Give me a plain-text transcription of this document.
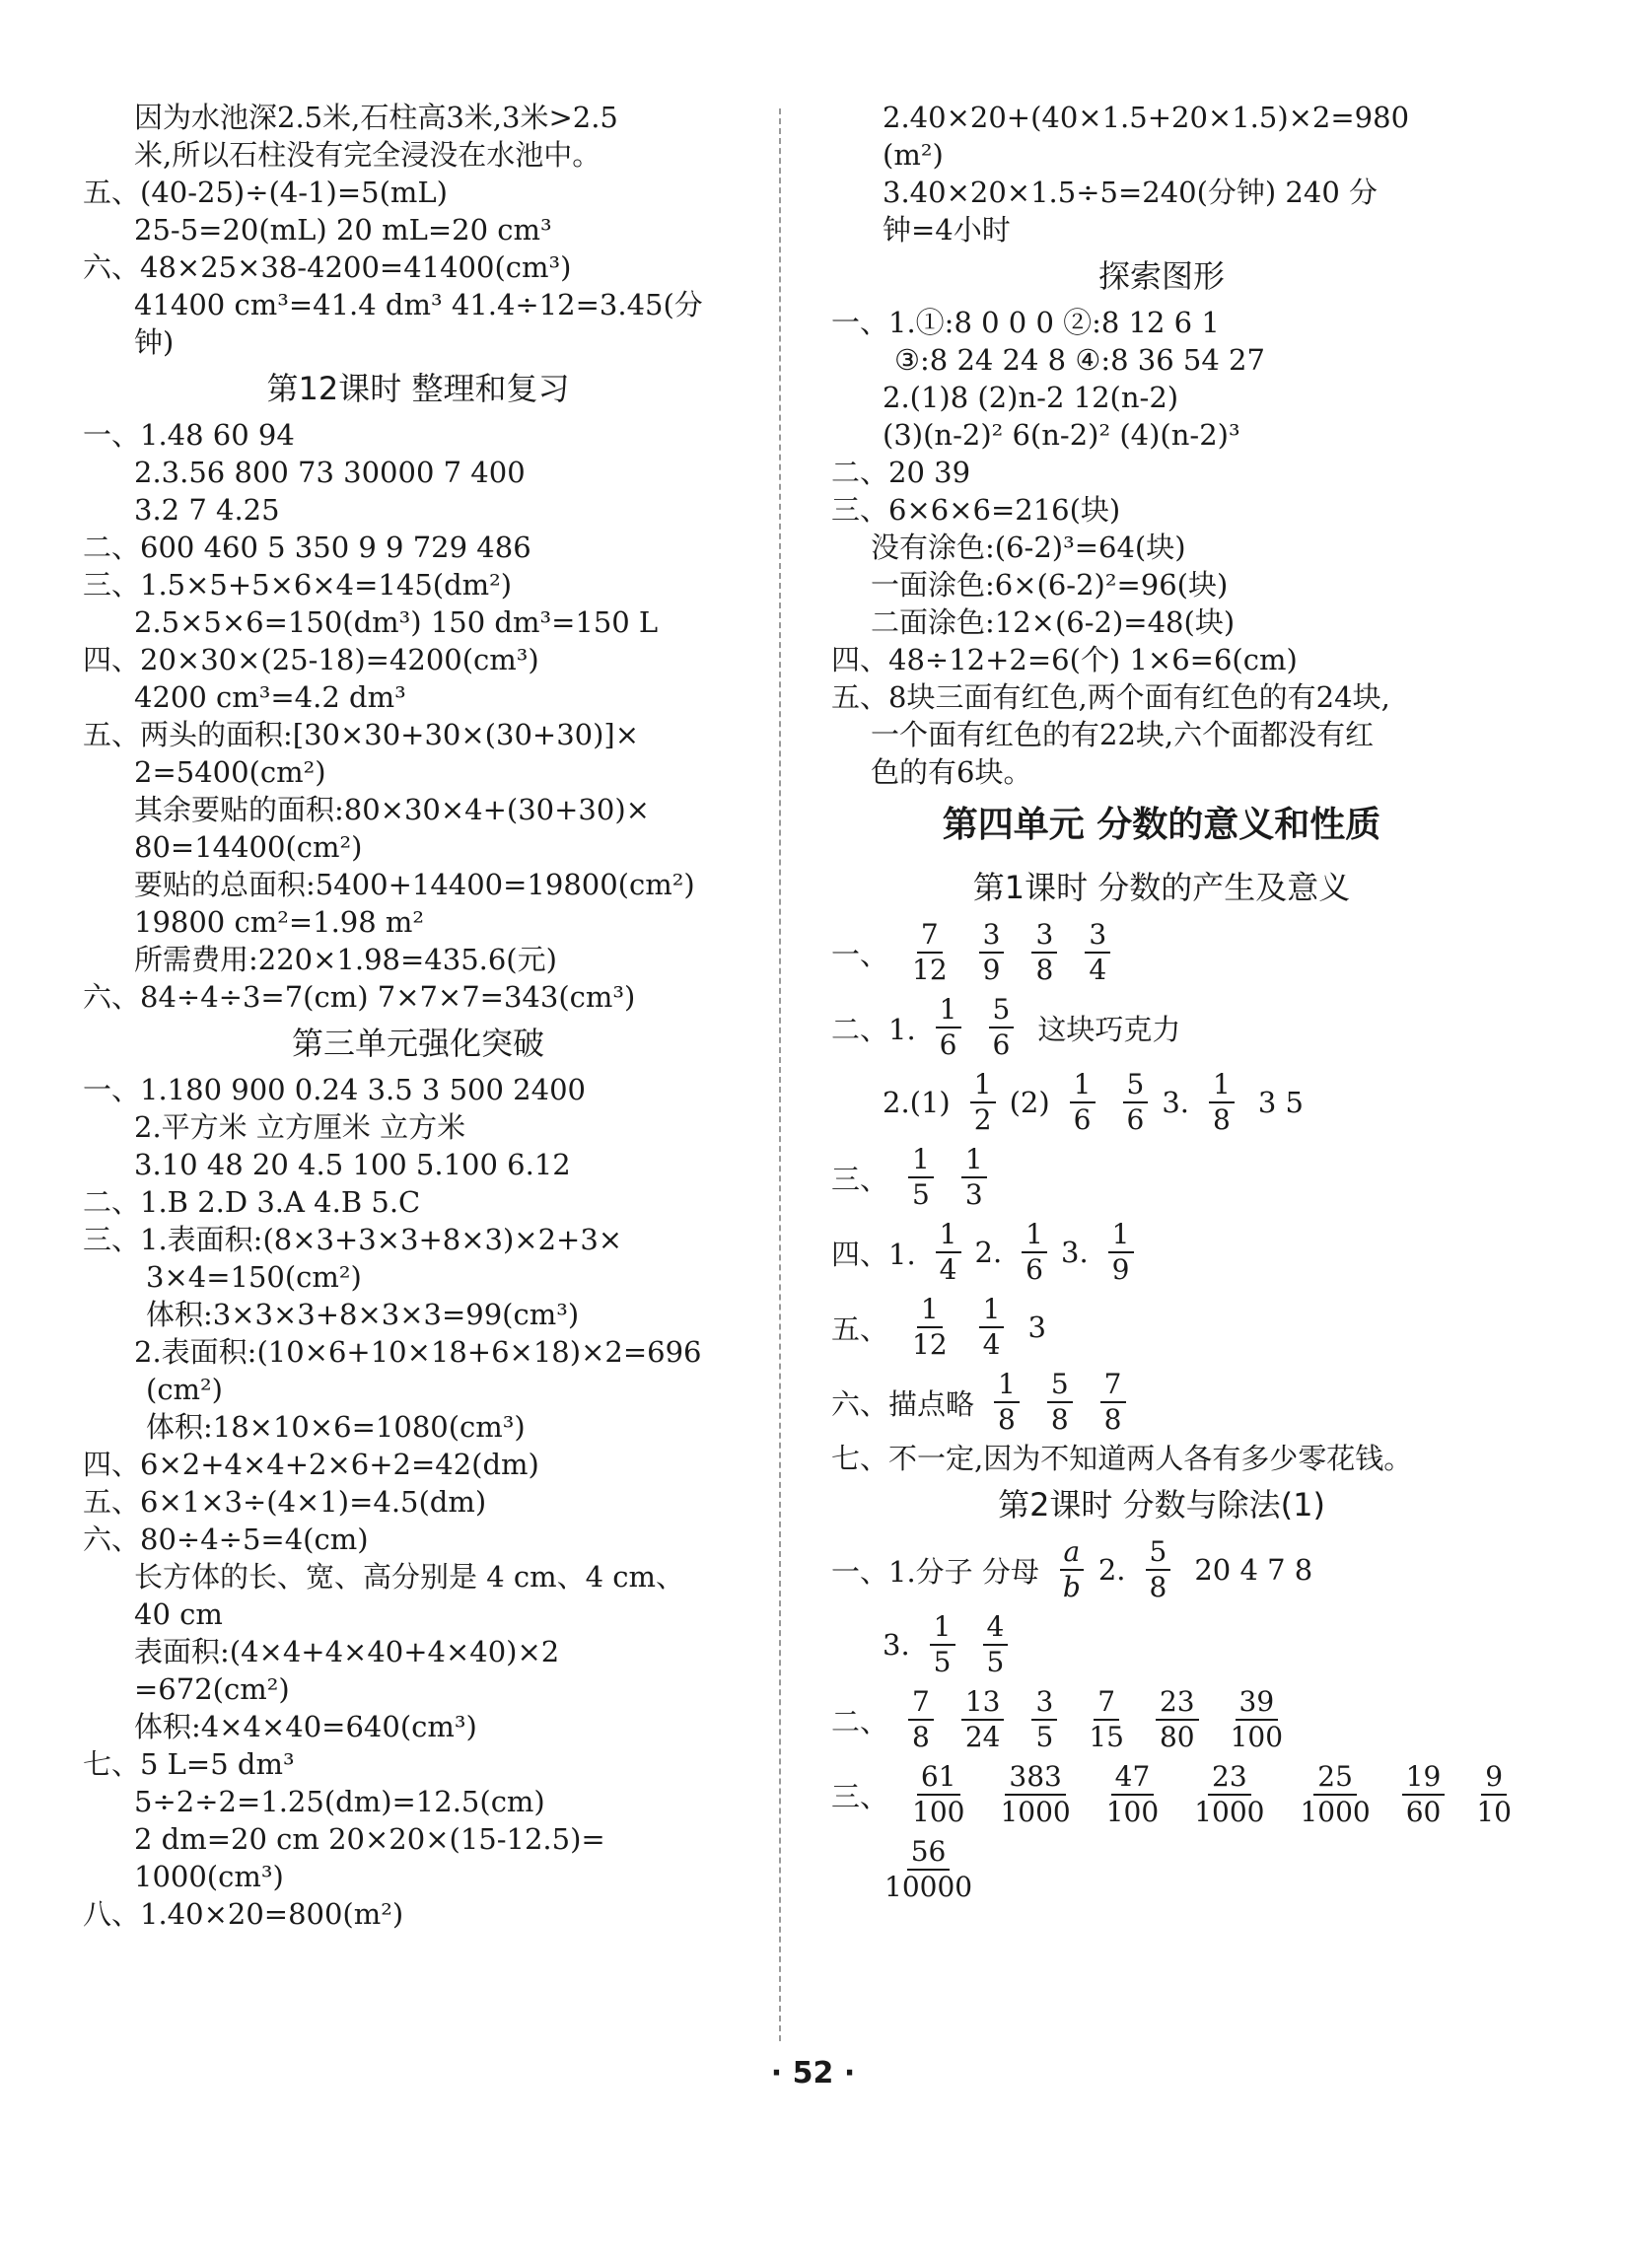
因为水池深2.5米,石柱高3米,3米>2.5
米,所以石柱没有完全浸没在水池中。
五、(40-25)÷(4-1)=5(mL)
25-5=20(mL) 20 mL=20 cm³
六、48×25×38-4200=41400(cm³)
41400 cm³=41.4 dm³ 41.4÷12=3.45(分
钟)
第12课时 整理和复习
一、1.48 60 94
2.3.56 800 73 30000 7 400
3.2 7 4.25
二、600 460 5 350 9 9 729 486
三、1.5×5+5×6×4=145(dm²)
2.5×5×6=150(dm³) 150 dm³=150 L
四、20×30×(25-18)=4200(cm³)
4200 cm³=4.2 dm³
五、两头的面积:[30×30+30×(30+30)]×
2=5400(cm²)
其余要贴的面积:80×30×4+(30+30)×
80=14400(cm²)
要贴的总面积:5400+14400=19800(cm²)
19800 cm²=1.98 m²
所需费用:220×1.98=435.6(元)
六、84÷4÷3=7(cm) 7×7×7=343(cm³)
第三单元强化突破
一、1.180 900 0.24 3.5 3 500 2400
2.平方米 立方厘米 立方米
3.10 48 20 4.5 100 5.100 6.12
二、1.B 2.D 3.A 4.B 5.C
三、1.表面积:(8×3+3×3+8×3)×2+3×
3×4=150(cm²)
体积:3×3×3+8×3×3=99(cm³)
2.表面积:(10×6+10×18+6×18)×2=696
(cm²)
体积:18×10×6=1080(cm³)
四、6×2+4×4+2×6+2=42(dm)
五、6×1×3÷(4×1)=4.5(dm)
六、80÷4÷5=4(cm)
长方体的长、宽、高分别是 4 cm、4 cm、
40 cm
表面积:(4×4+4×40+4×40)×2
=672(cm²)
体积:4×4×40=640(cm³)
七、5 L=5 dm³
5÷2÷2=1.25(dm)=12.5(cm)
2 dm=20 cm 20×20×(15-12.5)=
1000(cm³)
八、1.40×20=800(m²)
2.40×20+(40×1.5+20×1.5)×2=980
(m²)
3.40×20×1.5÷5=240(分钟) 240 分
钟=4小时
探索图形
一、1.①:8 0 0 0 ②:8 12 6 1
③:8 24 24 8 ④:8 36 54 27
2.(1)8 (2)n-2 12(n-2)
(3)(n-2)² 6(n-2)² (4)(n-2)³
二、20 39
三、6×6×6=216(块)
没有涂色:(6-2)³=64(块)
一面涂色:6×(6-2)²=96(块)
二面涂色:12×(6-2)=48(块)
四、48÷12+2=6(个) 1×6=6(cm)
五、8块三面有红色,两个面有红色的有24块,
一个面有红色的有22块,六个面都没有红
色的有6块。
第四单元 分数的意义和性质
第1课时 分数的产生及意义
一、 $\frac{7}{12} \frac{3}{9} \frac{3}{8} \frac{3}{4}$
二、1. $\frac{1}{6} \frac{5}{6}$ 这块巧克力
$2.(1) \frac{1}{2} (2) \frac{1}{6} \frac{5}{6} 3$. $\frac{1}{8} 3$ 5
三、 $\frac{1}{5} \frac{1}{3}$
四、1. $\frac{1}{4} 2$. $\frac{1}{6} 3$. $\frac{1}{9}$
五、 $\frac{1}{12} \frac{1}{4} 3$
六、描点略 $\frac{1}{8} \frac{5}{8} \frac{7}{8}$
七、不一定,因为不知道两人各有多少零花钱。
第2课时 分数与除法(1)
一、1.分子 分母 $\frac{a}{b} 2$. $\frac{5}{8} 20$ 4 7 8
3. $\frac{1}{5} \frac{4}{5}$
二、 $\frac{7}{8} \frac{13}{24} \frac{3}{5} \frac{7}{15} \frac{23}{80} \frac{39}{100}$
三、 $\frac{61}{100} \frac{383}{1000} \frac{47}{100} \frac{23}{1000} \frac{25}{1000} \frac{19}{60} \frac{9}{10}$
$\frac{56}{10000}$
· 52 ·
